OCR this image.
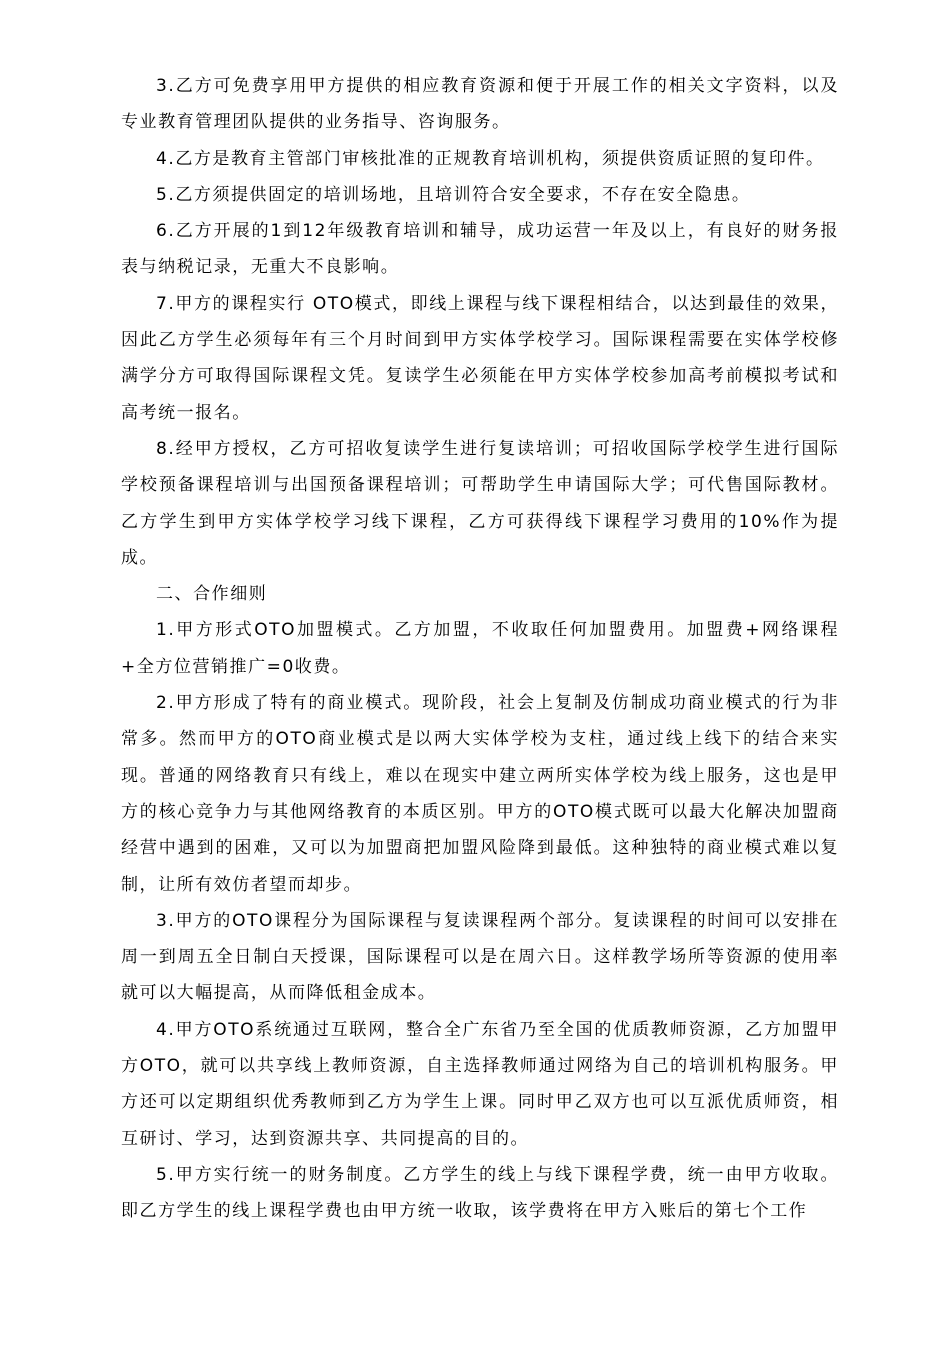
3.乙方可免费享用甲方提供的相应教育资源和便于开展工作的相关文字资料，以及专业教育管理团队提供的业务指导、咨询服务。

4.乙方是教育主管部门审核批准的正规教育培训机构，须提供资质证照的复印件。

5.乙方须提供固定的培训场地，且培训符合安全要求，不存在安全隐患。

6.乙方开展的1到12年级教育培训和辅导，成功运营一年及以上，有良好的财务报表与纳税记录，无重大不良影响。

7.甲方的课程实行 OTO模式，即线上课程与线下课程相结合，以达到最佳的效果，因此乙方学生必须每年有三个月时间到甲方实体学校学习。国际课程需要在实体学校修满学分方可取得国际课程文凭。复读学生必须能在甲方实体学校参加高考前模拟考试和高考统一报名。

8.经甲方授权，乙方可招收复读学生进行复读培训；可招收国际学校学生进行国际学校预备课程培训与出国预备课程培训；可帮助学生申请国际大学；可代售国际教材。乙方学生到甲方实体学校学习线下课程，乙方可获得线下课程学习费用的10%作为提成。

二、合作细则

1.甲方形式OTO加盟模式。乙方加盟，不收取任何加盟费用。加盟费+网络课程+全方位营销推广=0收费。

2.甲方形成了特有的商业模式。现阶段，社会上复制及仿制成功商业模式的行为非常多。然而甲方的OTO商业模式是以两大实体学校为支柱，通过线上线下的结合来实现。普通的网络教育只有线上，难以在现实中建立两所实体学校为线上服务，这也是甲方的核心竞争力与其他网络教育的本质区别。甲方的OTO模式既可以最大化解决加盟商经营中遇到的困难，又可以为加盟商把加盟风险降到最低。这种独特的商业模式难以复制，让所有效仿者望而却步。

3.甲方的OTO课程分为国际课程与复读课程两个部分。复读课程的时间可以安排在周一到周五全日制白天授课，国际课程可以是在周六日。这样教学场所等资源的使用率就可以大幅提高，从而降低租金成本。

4.甲方OTO系统通过互联网，整合全广东省乃至全国的优质教师资源，乙方加盟甲方OTO，就可以共享线上教师资源，自主选择教师通过网络为自己的培训机构服务。甲方还可以定期组织优秀教师到乙方为学生上课。同时甲乙双方也可以互派优质师资，相互研讨、学习，达到资源共享、共同提高的目的。

5.甲方实行统一的财务制度。乙方学生的线上与线下课程学费，统一由甲方收取。即乙方学生的线上课程学费也由甲方统一收取，该学费将在甲方入账后的第七个工作
